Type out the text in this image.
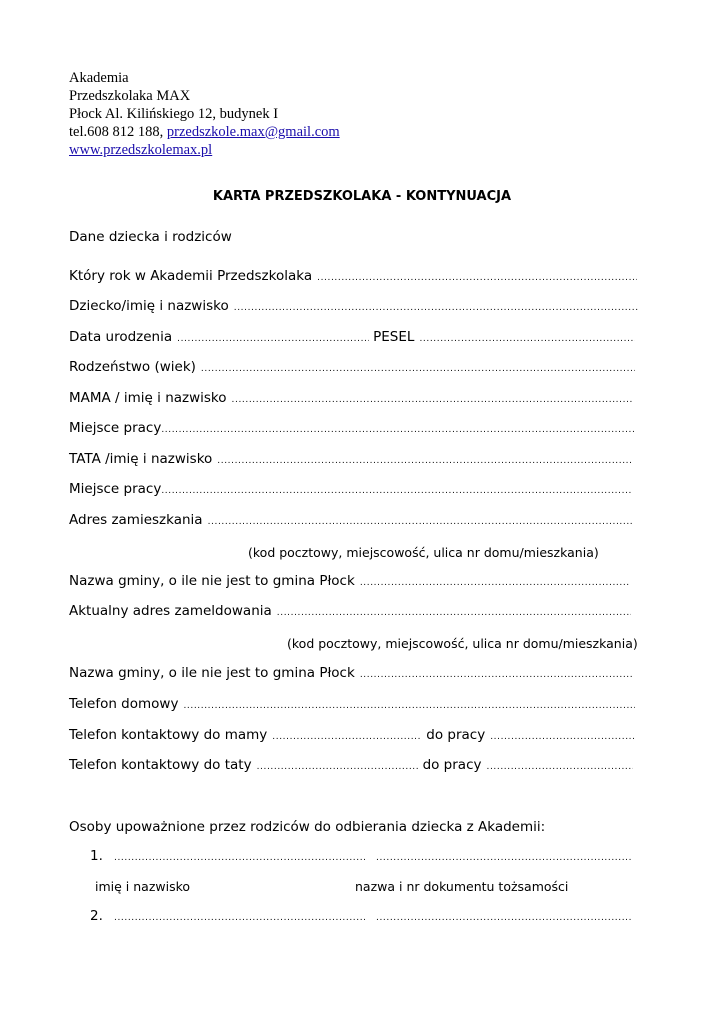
Akademia
Przedszkolaka MAX
Płock Al. Kilińskiego 12, budynek I
tel.608 812 188, przedszkole.max@gmail.com
www.przedszkolemax.pl
KARTA PRZEDSZKOLAKA - KONTYNUACJA
Dane dziecka i rodziców
Który rok w Akademii Przedszkolaka
.....
Dziecko/imię i nazwisko
.....
Data urodzenia .....	PESEL
.....
Rodzeństwo (wiek)
.....
MAMA / imię i nazwisko
.....
Miejsce pracy
.....
TATA /imię i nazwisko
.....
Miejsce pracy
.....
Adres zamieszkania
.....
(kod pocztowy, miejscowość, ulica nr domu/mieszkania)
Nazwa gminy, o ile nie jest to gmina Płock
.....
Aktualny adres zameldowania
.....
(kod pocztowy, miejscowość, ulica nr domu/mieszkania)
Nazwa gminy, o ile nie jest to gmina Płock
.....
Telefon domowy
.....
Telefon kontaktowy do mamy .....	do pracy
.....
Telefon kontaktowy do taty .....	do pracy
.....
Osoby upoważnione przez rodziców do odbierania dziecka z Akademii:
1.
.....
.....
imię i nazwisko	nazwa i nr dokumentu tożsamości
2.
.....
.....
